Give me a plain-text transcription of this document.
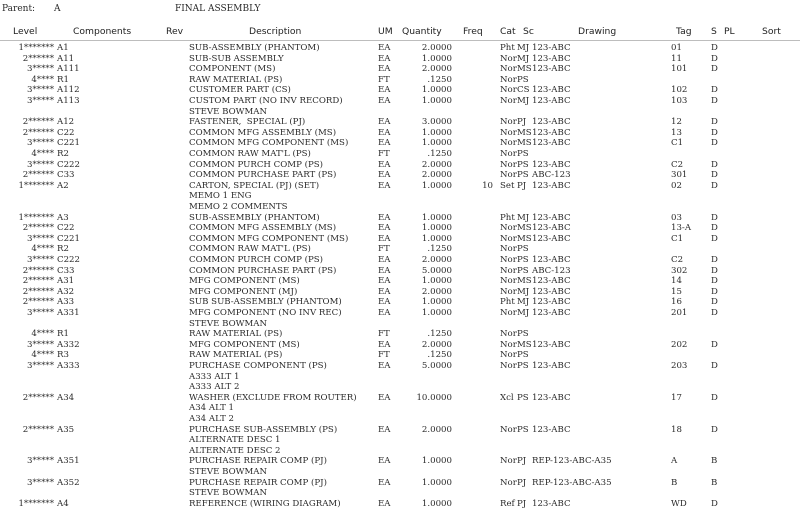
Parent: A	FINAL ASSEMBLY
Level	Components	Rev	Description	UM Quantity Freq Cat Sc	Drawing	Tag S PL	Sort
1******* A1	SUB-ASSEMBLY (PHANTOM)	EA	2.0000	Pht MJ 123-ABC	01	D
2****** A11	SUB-SUB ASSEMBLY	EA	1.0000	Nor MJ 123-ABC	11	D
3***** A111	COMPONENT (MS)	EA	2.0000	Nor MS 123-ABC	101	D
4**** R1	RAW MATERIAL (PS)	FT	.1250	Nor PS
3***** A112	CUSTOMER PART (CS)	EA	1.0000	Nor CS 123-ABC	102	D
3***** A113	CUSTOM PART (NO INV RECORD)	EA	1.0000	Nor MJ 123-ABC	103	D
STEVE BOWMAN
2****** A12	FASTENER,  SPECIAL (PJ)	EA	3.0000	Nor PJ 123-ABC	12	D
2****** C22	COMMON MFG ASSEMBLY (MS)	EA	1.0000	Nor MS 123-ABC	13	D
3***** C221	COMMON MFG COMPONENT (MS)	EA	1.0000	Nor MS 123-ABC	C1	D
4**** R2	COMMON RAW MAT'L (PS)	FT	.1250	Nor PS
3***** C222	COMMON PURCH COMP (PS)	EA	2.0000	Nor PS 123-ABC	C2	D
2****** C33	COMMON PURCHASE PART (PS)	EA	2.0000	Nor PS ABC-123	301	D
1******* A2	CARTON, SPECIAL (PJ) (SET)	EA	1.0000	10 Set PJ 123-ABC	02	D
MEMO 1 ENG
MEMO 2 COMMENTS
1******* A3	SUB-ASSEMBLY (PHANTOM)	EA	1.0000	Pht MJ 123-ABC	03	D
2****** C22	COMMON MFG ASSEMBLY (MS)	EA	1.0000	Nor MS 123-ABC	13-A D
3***** C221	COMMON MFG COMPONENT (MS)	EA	1.0000	Nor MS 123-ABC	C1	D
4**** R2	COMMON RAW MAT'L (PS)	FT	.1250	Nor PS
3***** C222	COMMON PURCH COMP (PS)	EA	2.0000	Nor PS 123-ABC	C2	D
2****** C33	COMMON PURCHASE PART (PS)	EA	5.0000	Nor PS ABC-123	302	D
2****** A31	MFG COMPONENT (MS)	EA	1.0000	Nor MS 123-ABC	14	D
2****** A32	MFG COMPONENT (MJ)	EA	2.0000	Nor MJ 123-ABC	15	D
2****** A33	SUB SUB-ASSEMBLY (PHANTOM)	EA	1.0000	Pht MJ 123-ABC	16	D
3***** A331	MFG COMPONENT (NO INV REC)	EA	1.0000	Nor MJ 123-ABC	201	D
STEVE BOWMAN
4**** R1	RAW MATERIAL (PS)	FT	.1250	Nor PS
3***** A332	MFG COMPONENT (MS)	EA	2.0000	Nor MS 123-ABC	202	D
4**** R3	RAW MATERIAL (PS)	FT	.1250	Nor PS
3***** A333	PURCHASE COMPONENT (PS)	EA	5.0000	Nor PS 123-ABC	203	D
A333 ALT 1
A333 ALT 2
2****** A34	WASHER (EXCLUDE FROM ROUTER) EA	10.0000	Xcl PS 123-ABC	17	D
A34 ALT 1
A34 ALT 2
2****** A35	PURCHASE SUB-ASSEMBLY (PS)	EA	2.0000	Nor PS 123-ABC	18	D
ALTERNATE DESC 1
ALTERNATE DESC 2
3***** A351	PURCHASE REPAIR COMP (PJ)	EA	1.0000	Nor PJ REP-123-ABC-A35	A	B
STEVE BOWMAN
3***** A352	PURCHASE REPAIR COMP (PJ)	EA	1.0000	Nor PJ REP-123-ABC-A35	B	B
STEVE BOWMAN
1******* A4	REFERENCE (WIRING DIAGRAM)	EA	1.0000	Ref PJ 123-ABC	WD	D
